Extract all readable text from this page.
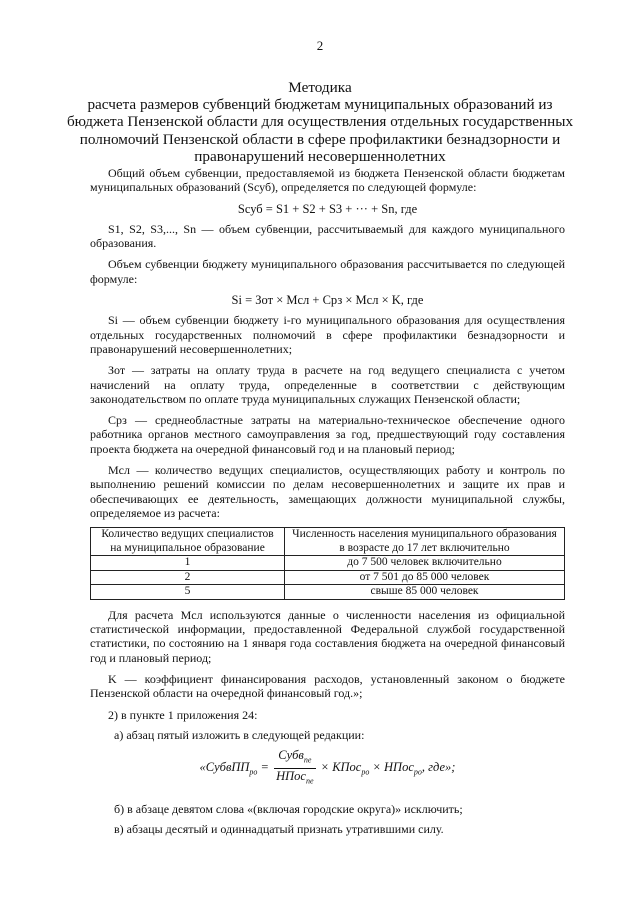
2
Методика
расчета размеров субвенций бюджетам муниципальных образований из бюджета Пензенской области для осуществления отдельных государственных полномочий Пензенской области в сфере профилактики безнадзорности и правонарушений несовершеннолетних

Общий объем субвенции, предоставляемой из бюджета Пензенской области бюджетам муниципальных образований (Sсуб), определяется по следующей формуле:

Sсуб = S1 + S2 + S3 + ··· + Sn, где

S1, S2, S3,..., Sn — объем субвенции, рассчитываемый для каждого муниципального образования.

Объем субвенции бюджету муниципального образования рассчитывается по следующей формуле:

Si = Зот × Мсл + Срз × Мсл × K, где

Si — объем субвенции бюджету i-го муниципального образования для осуществления отдельных государственных полномочий в сфере профилактики безнадзорности и правонарушений несовершеннолетних;

Зот — затраты на оплату труда в расчете на год ведущего специалиста с учетом начислений на оплату труда, определенные в соответствии с действующим законодательством по оплате труда муниципальных служащих Пензенской области;

Срз — среднеобластные затраты на материально-техническое обеспечение одного работника органов местного самоуправления за год, предшествующий году составления проекта бюджета на очередной финансовый год и на плановый период;

Мсл — количество ведущих специалистов, осуществляющих работу и контроль по выполнению решений комиссии по делам несовершеннолетних и защите их прав и обеспечивающих ее деятельность, замещающих должности муниципальной службы, определяемое из расчета:

Количество ведущих специалистов на муниципальное образование	Численность населения муниципального образования в возрасте до 17 лет включительно
1	до 7 500 человек включительно
2	от 7 501 до 85 000 человек
5	свыше 85 000 человек

Для расчета Мсл используются данные о численности населения из официальной статистической информации, предоставленной Федеральной службой государственной статистики, по состоянию на 1 января года составления бюджета на очередной финансовый год и плановый период;

K — коэффициент финансирования расходов, установленный законом о бюджете Пензенской области на очередной финансовый год.»;

2) в пункте 1 приложения 24:
а) абзац пятый изложить в следующей редакции:
«СубвПП$_{ро}$ = $\frac{Субв_{пе}}{НПос_{пе}}$ × КПос$_{ро}$ × НПос$_{ро}$, где»;
б) в абзаце девятом слова «(включая городские округа)» исключить;
в) абзацы десятый и одиннадцатый признать утратившими силу.
